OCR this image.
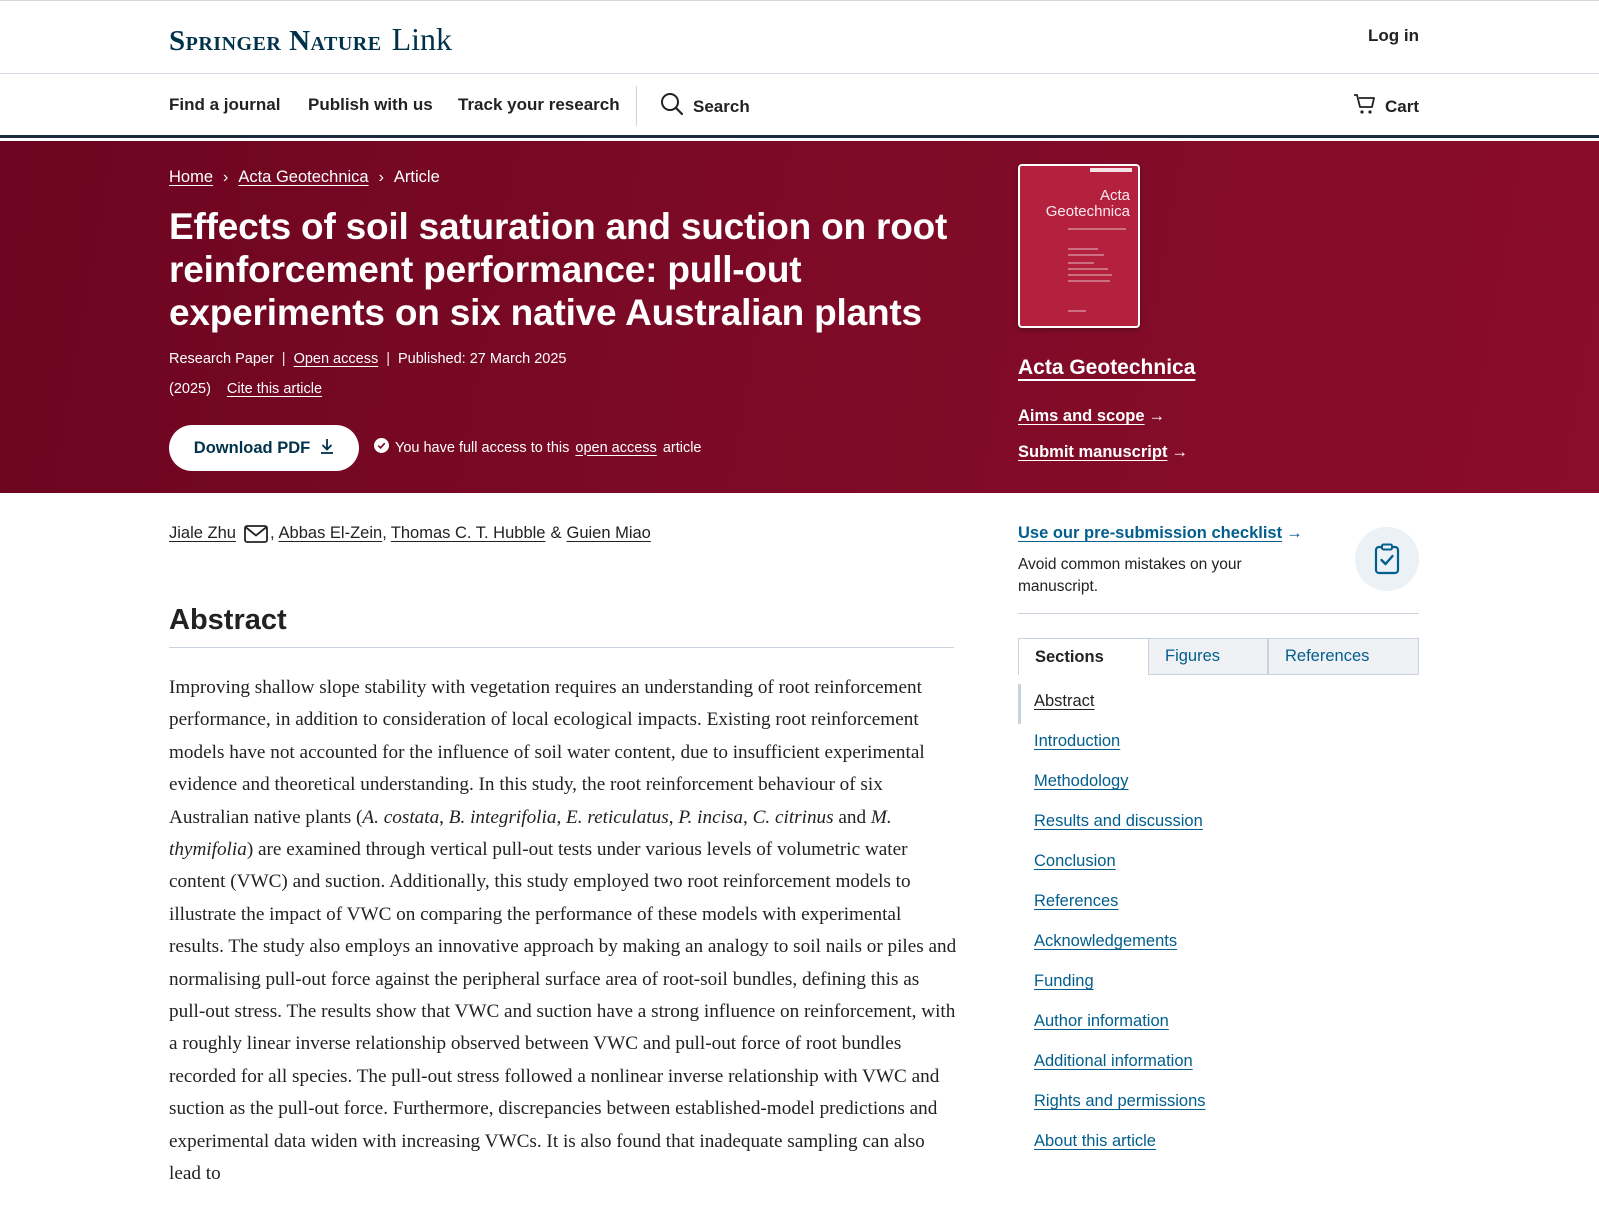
Springer Nature Link	Log in
Find a journal Publish with us Track your research	Search	Cart
Home › Acta Geotechnica › Article
Effects of soil saturation and suction on root reinforcement performance: pull-out experiments on six native Australian plants
Research Paper | Open access | Published: 27 March 2025
(2025) Cite this article
Download PDF	You have full access to this open access article
Acta
Geotechnica
Acta Geotechnica
Aims and scope →
Submit manuscript →
Jiale Zhu , Abbas El-Zein , Thomas C. T. Hubble & Guien Miao
Abstract

Improving shallow slope stability with vegetation requires an understanding of root reinforcement performance, in addition to consideration of local ecological impacts. Existing root reinforcement models have not accounted for the influence of soil water content, due to insufficient experimental evidence and theoretical understanding. In this study, the root reinforcement behaviour of six Australian native plants (A. costata, B. integrifolia, E. reticulatus, P. incisa, C. citrinus and M. thymifolia) are examined through vertical pull-out tests under various levels of volumetric water content (VWC) and suction. Additionally, this study employed two root reinforcement models to illustrate the impact of VWC on comparing the performance of these models with experimental results. The study also employs an innovative approach by making an analogy to soil nails or piles and normalising pull-out force against the peripheral surface area of root-soil bundles, defining this as pull-out stress. The results show that VWC and suction have a strong influence on reinforcement, with a roughly linear inverse relationship observed between VWC and pull-out force of root bundles recorded for all species. The pull-out stress followed a nonlinear inverse relationship with VWC and suction as the pull-out force. Furthermore, discrepancies between established-model predictions and experimental data widen with increasing VWCs. It is also found that inadequate sampling can also lead to

Use our pre-submission checklist →
Avoid common mistakes on your manuscript.
Sections	Figures	References
Abstract
Introduction
Methodology
Results and discussion
Conclusion
References
Acknowledgements
Funding
Author information
Additional information
Rights and permissions
About this article
